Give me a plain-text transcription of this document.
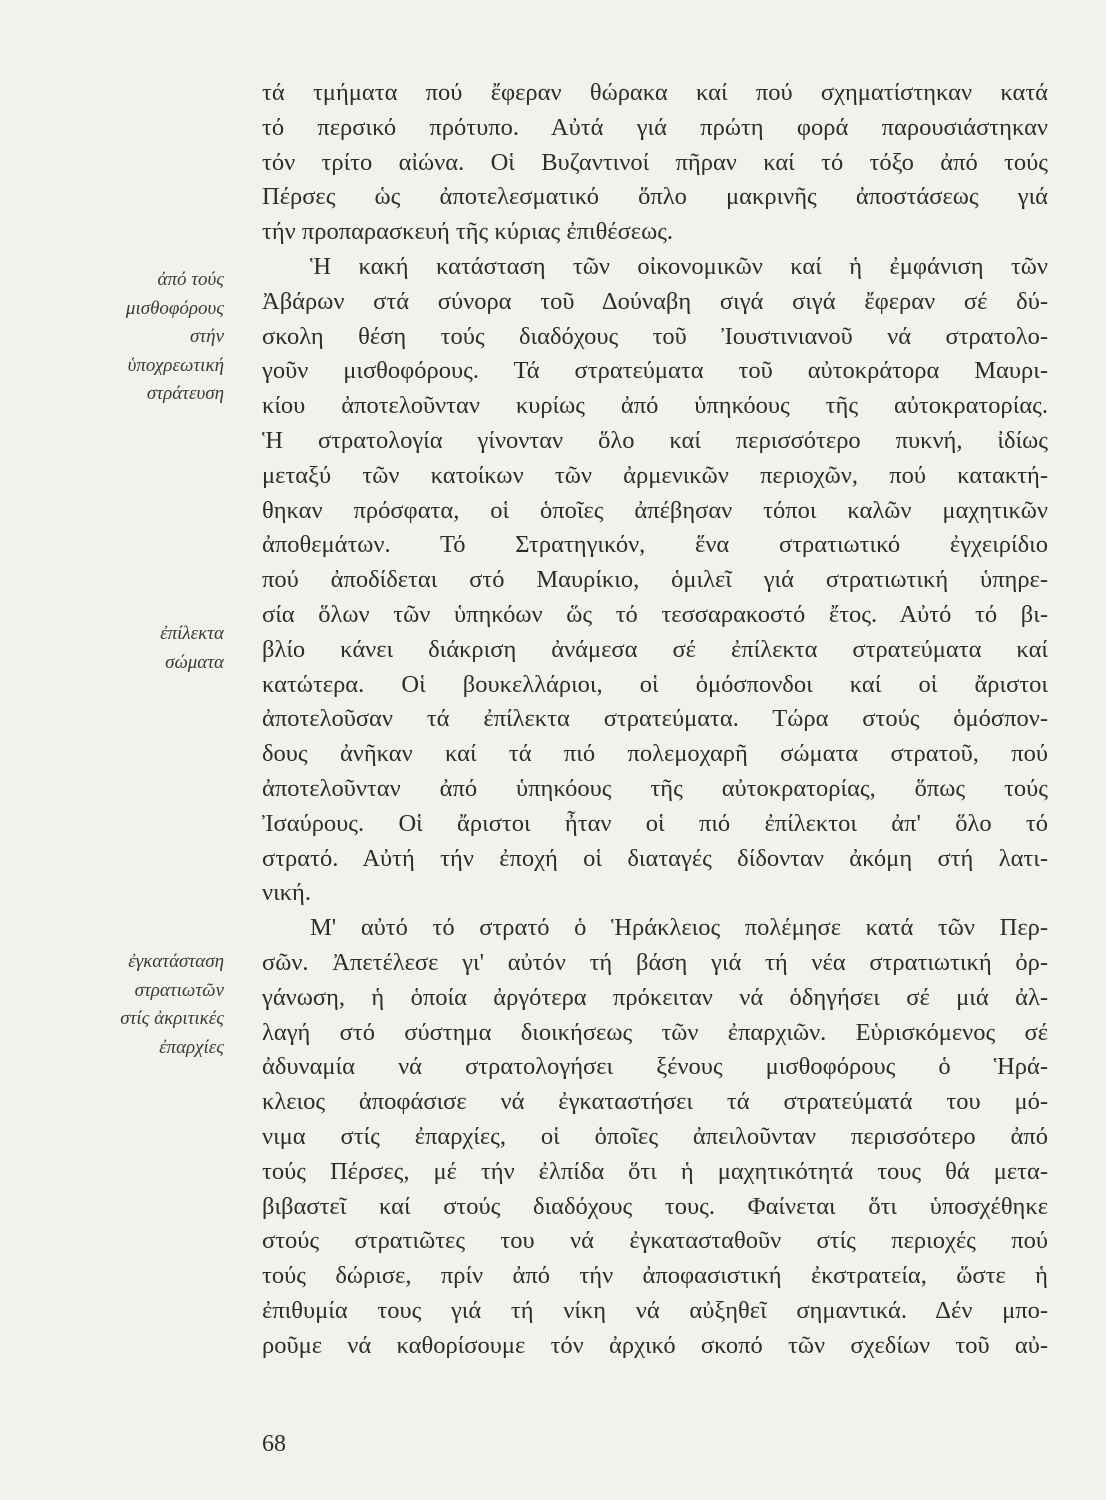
ἀπό τούς
μισθοφόρους
στήν
ὑποχρεωτική
στράτευση
ἐπίλεκτα
σώματα
ἐγκατάσταση
στρατιωτῶν
στίς ἀκριτικές
ἐπαρχίες
τά τμήματα πού ἔφεραν θώρακα καί πού σχηματίστηκαν κατά
τό περσικό πρότυπο. Αὐτά γιά πρώτη φορά παρουσιάστηκαν
τόν τρίτο αἰώνα. Οἱ Βυζαντινοί πῆραν καί τό τόξο ἀπό τούς
Πέρσες ὡς ἀποτελεσματικό ὅπλο μακρινῆς ἀποστάσεως γιά
τήν προπαρασκευή τῆς κύριας ἐπιθέσεως.
Ἡ κακή κατάσταση τῶν οἰκονομικῶν καί ἡ ἐμφάνιση τῶν
Ἀβάρων στά σύνορα τοῦ Δούναβη σιγά σιγά ἔφεραν σέ δύ-
σκολη θέση τούς διαδόχους τοῦ Ἰουστινιανοῦ νά στρατολο-
γοῦν μισθοφόρους. Τά στρατεύματα τοῦ αὐτοκράτορα Μαυρι-
κίου ἀποτελοῦνταν κυρίως ἀπό ὑπηκόους τῆς αὐτοκρατορίας.
Ἡ στρατολογία γίνονταν ὅλο καί περισσότερο πυκνή, ἰδίως
μεταξύ τῶν κατοίκων τῶν ἀρμενικῶν περιοχῶν, πού κατακτή-
θηκαν πρόσφατα, οἱ ὁποῖες ἀπέβησαν τόποι καλῶν μαχητικῶν
ἀποθεμάτων. Τό Στρατηγικόν, ἕνα στρατιωτικό ἐγχειρίδιο
πού ἀποδίδεται στό Μαυρίκιο, ὁμιλεῖ γιά στρατιωτική ὑπηρε-
σία ὅλων τῶν ὑπηκόων ὥς τό τεσσαρακοστό ἔτος. Αὐτό τό βι-
βλίο κάνει διάκριση ἀνάμεσα σέ ἐπίλεκτα στρατεύματα καί
κατώτερα. Οἱ βουκελλάριοι, οἱ ὁμόσπονδοι καί οἱ ἄριστοι
ἀποτελοῦσαν τά ἐπίλεκτα στρατεύματα. Τώρα στούς ὁμόσπον-
δους ἀνῆκαν καί τά πιό πολεμοχαρῆ σώματα στρατοῦ, πού
ἀποτελοῦνταν ἀπό ὑπηκόους τῆς αὐτοκρατορίας, ὅπως τούς
Ἰσαύρους. Οἱ ἄριστοι ἦταν οἱ πιό ἐπίλεκτοι ἀπ' ὅλο τό
στρατό. Αὐτή τήν ἐποχή οἱ διαταγές δίδονταν ἀκόμη στή λατι-
νική.
Μ' αὐτό τό στρατό ὁ Ἡράκλειος πολέμησε κατά τῶν Περ-
σῶν. Ἀπετέλεσε γι' αὐτόν τή βάση γιά τή νέα στρατιωτική ὀρ-
γάνωση, ἡ ὁποία ἀργότερα πρόκειταν νά ὁδηγήσει σέ μιά ἀλ-
λαγή στό σύστημα διοικήσεως τῶν ἐπαρχιῶν. Εὑρισκόμενος σέ
ἀδυναμία νά στρατολογήσει ξένους μισθοφόρους ὁ Ἡρά-
κλειος ἀποφάσισε νά ἐγκαταστήσει τά στρατεύματά του μό-
νιμα στίς ἐπαρχίες, οἱ ὁποῖες ἀπειλοῦνταν περισσότερο ἀπό
τούς Πέρσες, μέ τήν ἐλπίδα ὅτι ἡ μαχητικότητά τους θά μετα-
βιβαστεῖ καί στούς διαδόχους τους. Φαίνεται ὅτι ὑποσχέθηκε
στούς στρατιῶτες του νά ἐγκατασταθοῦν στίς περιοχές πού
τούς δώρισε, πρίν ἀπό τήν ἀποφασιστική ἐκστρατεία, ὥστε ἡ
ἐπιθυμία τους γιά τή νίκη νά αὐξηθεῖ σημαντικά. Δέν μπο-
ροῦμε νά καθορίσουμε τόν ἀρχικό σκοπό τῶν σχεδίων τοῦ αὐ-
68
